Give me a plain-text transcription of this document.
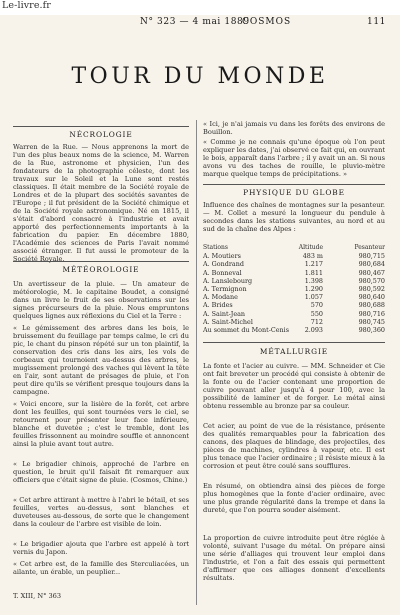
Le-livre.fr
N° 323 — 4 mai 1889
COSMOS	111
TOUR DU MONDE
NÉCROLOGIE
Warren de la Rue. — Nous apprenons la mort de l'un des plus beaux noms de la science, M. Warren de la Rue, astronome et physicien, l'un des fondateurs de la photographie céleste, dont les travaux sur le Soleil et la Lune sont restés classiques. Il était membre de la Société royale de Londres et de la plupart des sociétés savantes de l'Europe ; il fut président de la Société chimique et de la Société royale astronomique. Né en 1815, il s'était d'abord consacré à l'industrie et avait apporté des perfectionnements importants à la fabrication du papier. En décembre 1880, l'Académie des sciences de Paris l'avait nommé associé étranger. Il fut aussi le promoteur de la Société Royale.
MÉTÉOROLOGIE
Un avertisseur de la pluie. — Un amateur de météorologie, M. le capitaine Boudet, a consigné dans un livre le fruit de ses observations sur les signes précurseurs de la pluie. Nous empruntons quelques lignes aux réflexions du Ciel et la Terre :
« Le gémissement des arbres dans les bois, le bruissement du feuillage par temps calme, le cri du pic, le chant du pinson répété sur un ton plaintif, la conservation des cris dans les airs, les vols de corbeaux qui tournoient au-dessus des arbres, le mugissement prolongé des vaches qui lèvent la tête en l'air, sont autant de présages de pluie, et l'on peut dire qu'ils se vérifient presque toujours dans la campagne.
« Voici encore, sur la lisière de la forêt, cet arbre dont les feuilles, qui sont tournées vers le ciel, se retournent pour présenter leur face inférieure, blanche et duvetée ; c'est le tremble, dont les feuilles frissonnent au moindre souffle et annoncent ainsi la pluie avant tout autre.
« Le brigadier chinois, approché de l'arbre en question, le bruit qu'il faisait fit remarquer aux officiers que c'était signe de pluie. (Cosmos, Chine.)
« Cet arbre attirant à mettre à l'abri le bétail, et ses feuilles, vertes au-dessus, sont blanches et duveteuses au-dessous, de sorte que le changement dans la couleur de l'arbre est visible de loin.
« Le brigadier ajouta que l'arbre est appelé à tort vernis du Japon.
« Cet arbre est, de la famille des Sterculiacées, un ailante, un érable, un peuplier...
T. XIII, N° 363
« Ici, je n'ai jamais vu dans les forêts des environs de Bouillon.
« Comme je ne connais qu'une époque où l'on peut expliquer les dates, j'ai observé ce fait qui, en ouvrant le bois, apparaît dans l'arbre ; il y avait un an. Si nous avons vu des taches de rouille, le pluvio-mètre marque quelque temps de précipitations. »
PHYSIQUE DU GLOBE
Influence des chaînes de montagnes sur la pesanteur. — M. Collet a mesuré la longueur du pendule à secondes dans les stations suivantes, au nord et au sud de la chaîne des Alpes :
Stations	Altitude	Pesanteur
A. Moutiers	483 m	980,715
A. Gondrand	1.217	980,684
A. Bonneval	1.811	980,467
A. Lanslebourg	1.398	980,570
A. Termignon	1.290	980,592
A. Modane	1.057	980,640
A. Brides	570	980,688
A. Saint-Jean	550	980,716
A. Saint-Michel	712	980,745
Au sommet du Mont-Cenis 2.093	980,360
MÉTALLURGIE
La fonte et l'acier au cuivre. — MM. Schneider et Cie ont fait breveter un procédé qui consiste à obtenir de la fonte ou de l'acier contenant une proportion de cuivre pouvant aller jusqu'à 4 pour 100, avec la possibilité de laminer et de forger. Le métal ainsi obtenu ressemble au bronze par sa couleur.
Cet acier, au point de vue de la résistance, présente des qualités remarquables pour la fabrication des canons, des plaques de blindage, des projectiles, des pièces de machines, cylindres à vapeur, etc. Il est plus tenace que l'acier ordinaire ; il résiste mieux à la corrosion et peut être coulé sans soufflures.
En résumé, on obtiendra ainsi des pièces de forge plus homogènes que la fonte d'acier ordinaire, avec une plus grande régularité dans la trempe et dans la dureté, que l'on pourra souder aisément.
La proportion de cuivre introduite peut être réglée à volonté, suivant l'usage du métal. On prépare ainsi une série d'alliages qui trouvent leur emploi dans l'industrie, et l'on a fait des essais qui permettent d'affirmer que ces alliages donnent d'excellents résultats.
